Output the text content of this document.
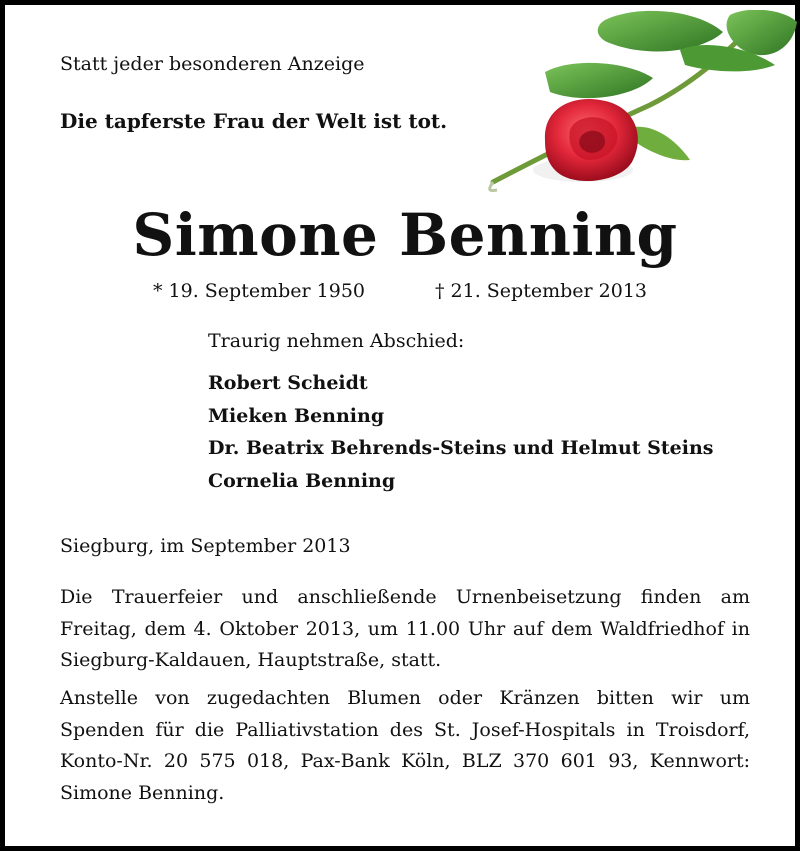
Statt jeder besonderen Anzeige
Die tapferste Frau der Welt ist tot.
Simone Benning
* 19. September 1950	† 21. September 2013
Traurig nehmen Abschied:
Robert Scheidt
Mieken Benning
Dr. Beatrix Behrends-Steins und Helmut Steins
Cornelia Benning
Siegburg, im September 2013
Die Trauerfeier und anschließende Urnenbeisetzung finden am Freitag, dem 4. Oktober 2013, um 11.00 Uhr auf dem Waldfriedhof in Siegburg-Kaldauen, Hauptstraße, statt.
Anstelle von zugedachten Blumen oder Kränzen bitten wir um Spenden für die Palliativstation des St. Josef-Hospitals in Troisdorf, Konto-Nr. 20 575 018, Pax-Bank Köln, BLZ 370 601 93, Kennwort: Simone Benning.
